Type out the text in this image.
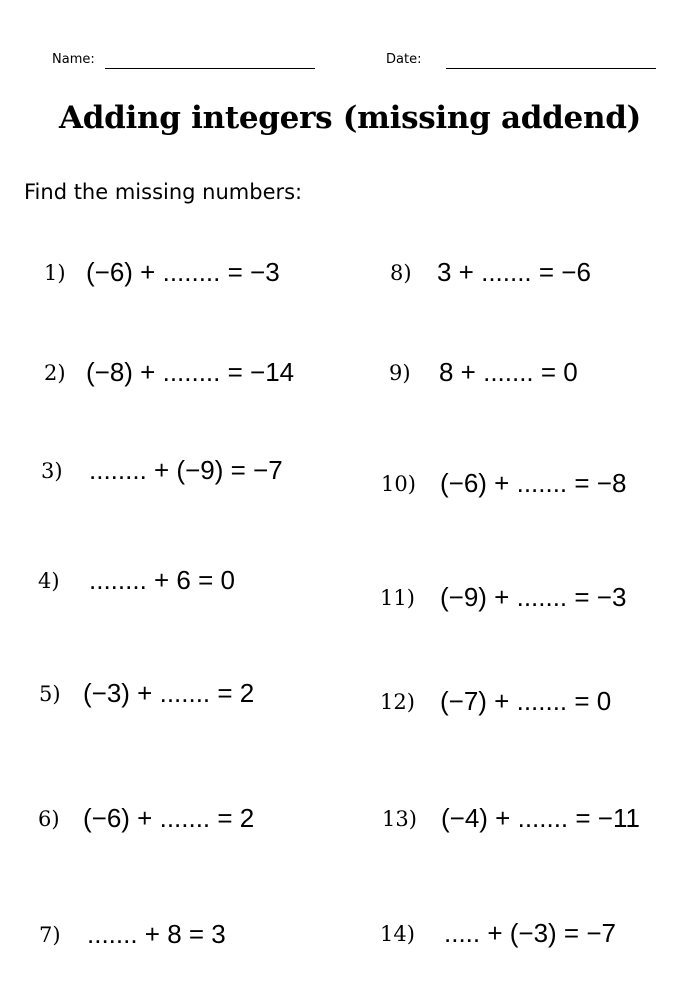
Name:	Date:
Adding integers (missing addend)
Find the missing numbers:
1) (−6) + ........ = −3
2) (−8) + ........ = −14
3) ........ + (−9) = −7
4) ........ + 6 = 0
5) (−3) + ....... = 2
6) (−6) + ....... = 2
7) ....... + 8 = 3
8) 3 + ....... = −6
9) 8 + ....... = 0
10) (−6) + ....... = −8
11) (−9) + ....... = −3
12) (−7) + ....... = 0
13) (−4) + ....... = −11
14) ..... + (−3) = −7
